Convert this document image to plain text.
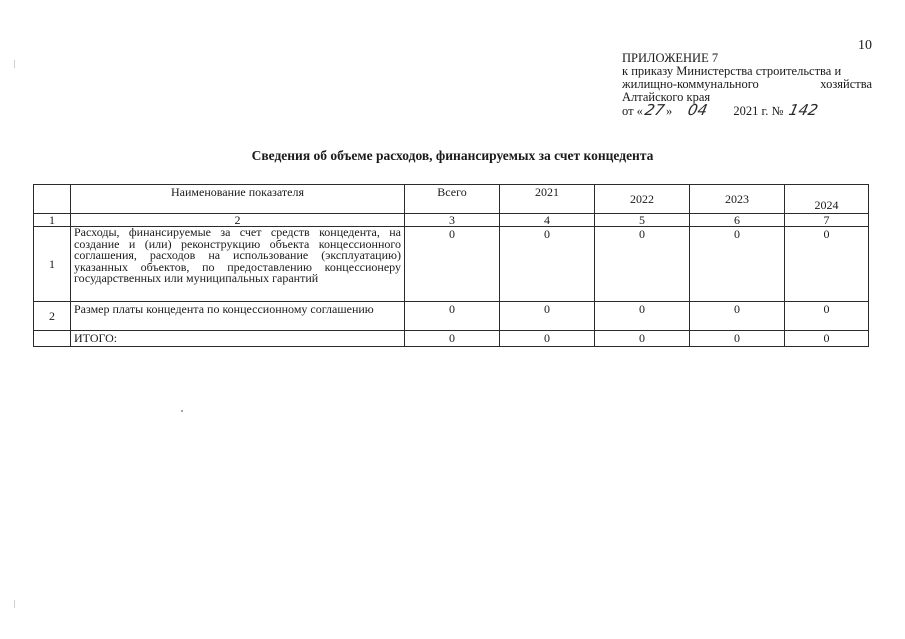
10
ПРИЛОЖЕНИЕ 7
к приказу Министерства строительства и
жилищно-коммунального	хозяйства
Алтайского края
от « 27 » 04 2021 г. № 142
Сведения об объеме расходов, финансируемых за счет концедента
	Наименование показателя	Всего	2021	2022	2023	2024
1	2	3	4	5	6	7
1	Расходы, финансируемые за счет средств концедента, на создание и (или) реконструкцию объекта концессионного соглашения, расходов на использование (эксплуатацию) указанных объектов, по предоставлению концессионеру государственных или муниципальных гарантий	0	0	0	0	0
2	Размер платы концедента по концессионному соглашению	0	0	0	0	0
	ИТОГО:	0	0	0	0	0
